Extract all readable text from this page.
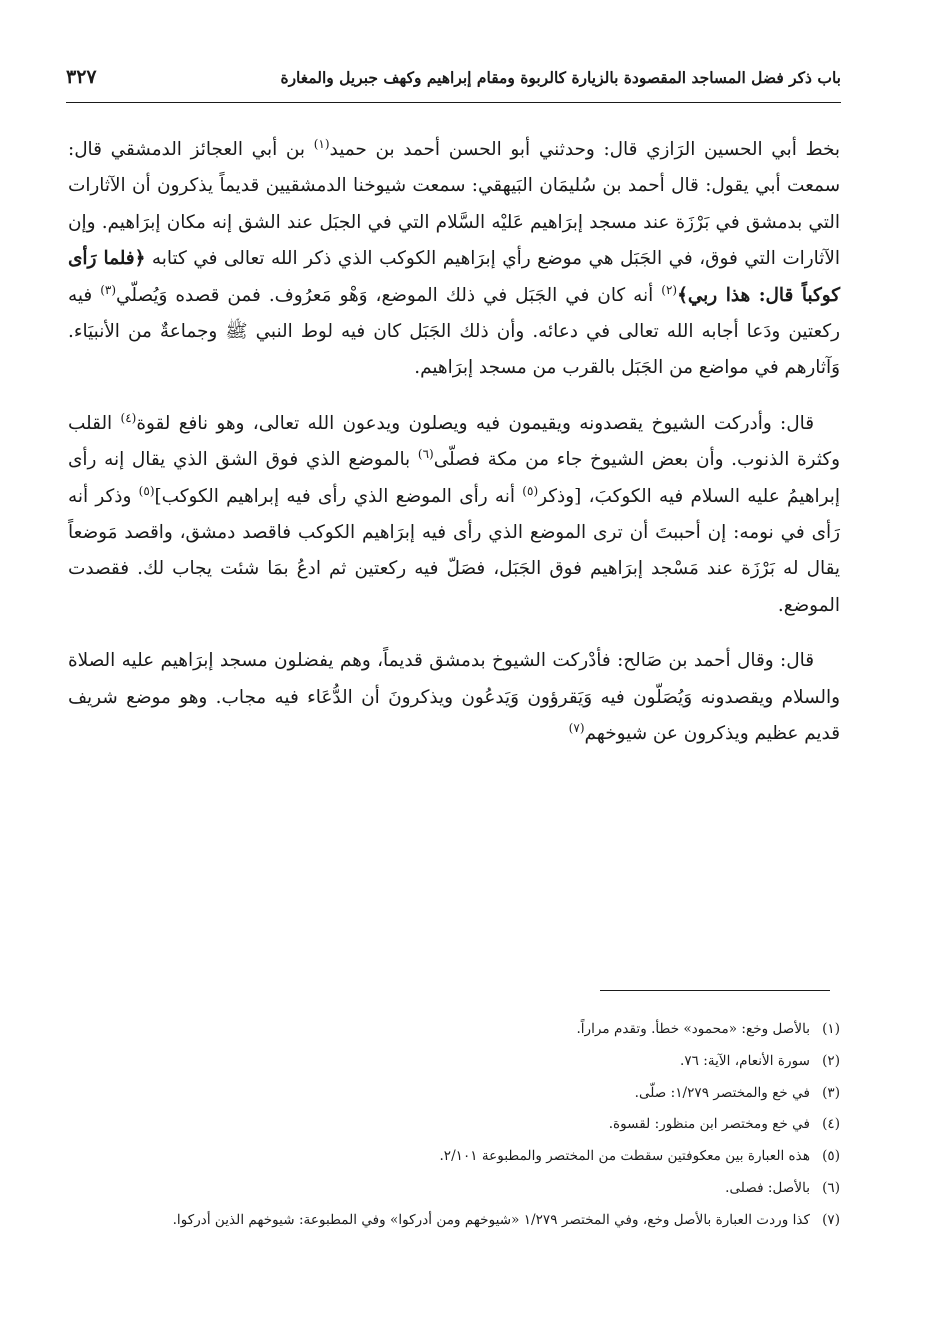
باب ذكر فضل المساجد المقصودة بالزيارة كالربوة ومقام إبراهيم وكهف جبريل والمغارة
٣٢٧

بخط أبي الحسين الرَازي قال: وحدثني أبو الحسن أحمد بن حميد$^{(١)}$ بن أبي العجائز الدمشقي قال: سمعت أبي يقول: قال أحمد بن سُليمَان البَيهقي: سمعت شيوخنا الدمشقيين قديماً يذكرون أن الآثارات التي بدمشق في بَرْزَة عند مسجد إبرَاهيم عَليْه السَّلام التي في الجبَل عند الشق إنه مكان إبرَاهيم. وإن الآثارات التي فوق، في الجَبَل هي موضع رأي إبرَاهيم الكوكب الذي ذكر الله تعالى في كتابه ﴿فلما رَأى كوكباً قال: هذا ربي﴾$^{(٢)}$ أنه كان في الجَبَل في ذلك الموضع، وَهْو مَعرُوف. فمن قصده وَيُصلّي$^{(٣)}$ فيه ركعتين ودَعا أجابه الله تعالى في دعائه. وأن ذلك الجَبَل كان فيه لوط النبي ﷺ وجماعةٌ من الأنبيَاء. وَآثارهم في مواضع من الجَبَل بالقرب من مسجد إبرَاهيم.

قال: وأدركت الشيوخ يقصدونه ويقيمون فيه ويصلون ويدعون الله تعالى، وهو نافع لقوة$^{(٤)}$ القلب وكثرة الذنوب. وأن بعض الشيوخ جاء من مكة فصلّى$^{(٦)}$ بالموضع الذي فوق الشق الذي يقال إنه رأى إبراهيمُ عليه السلام فيه الكوكبَ، [وذكر$^{(٥)}$ أنه رأى الموضع الذي رأى فيه إبراهيم الكوكب]$^{(٥)}$ وذكر أنه رَأى في نومه: إن أحببتَ أن ترى الموضع الذي رأى فيه إبرَاهيم الكوكب فاقصد دمشق، واقصد مَوضعاً يقال له بَرْزَة عند مَسْجد إبرَاهيم فوق الجَبَل، فصَلّ فيه ركعتين ثم ادعُ بمَا شئت يجاب لك. فقصدت الموضع.

قال: وقال أحمد بن صَالح: فأدْركت الشيوخ بدمشق قديماً، وهم يفضلون مسجد إبرَاهيم عليه الصلاة والسلام ويقصدونه وَيُصَلّون فيه وَيَقرؤون وَيَدعُون ويذكرونَ أن الدُّعَاء فيه مجاب. وهو موضع شريف قديم عظيم ويذكرون عن شيوخهم$^{(٧)}$

(١)
بالأصل وخع: «محمود» خطأ. وتقدم مراراً.
(٢)
سورة الأنعام، الآية: ٧٦.
(٣)
في خع والمختصر ١/٢٧٩: صلّى.
(٤)
في خع ومختصر ابن منظور: لقسوة.
(٥)
هذه العبارة بين معكوفتين سقطت من المختصر والمطبوعة ٢/١٠١.
(٦)
بالأصل: فصلى.
(٧)
كذا وردت العبارة بالأصل وخع، وفي المختصر ١/٢٧٩ «شيوخهم ومن أدركوا» وفي المطبوعة: شيوخهم الذين أدركوا.
